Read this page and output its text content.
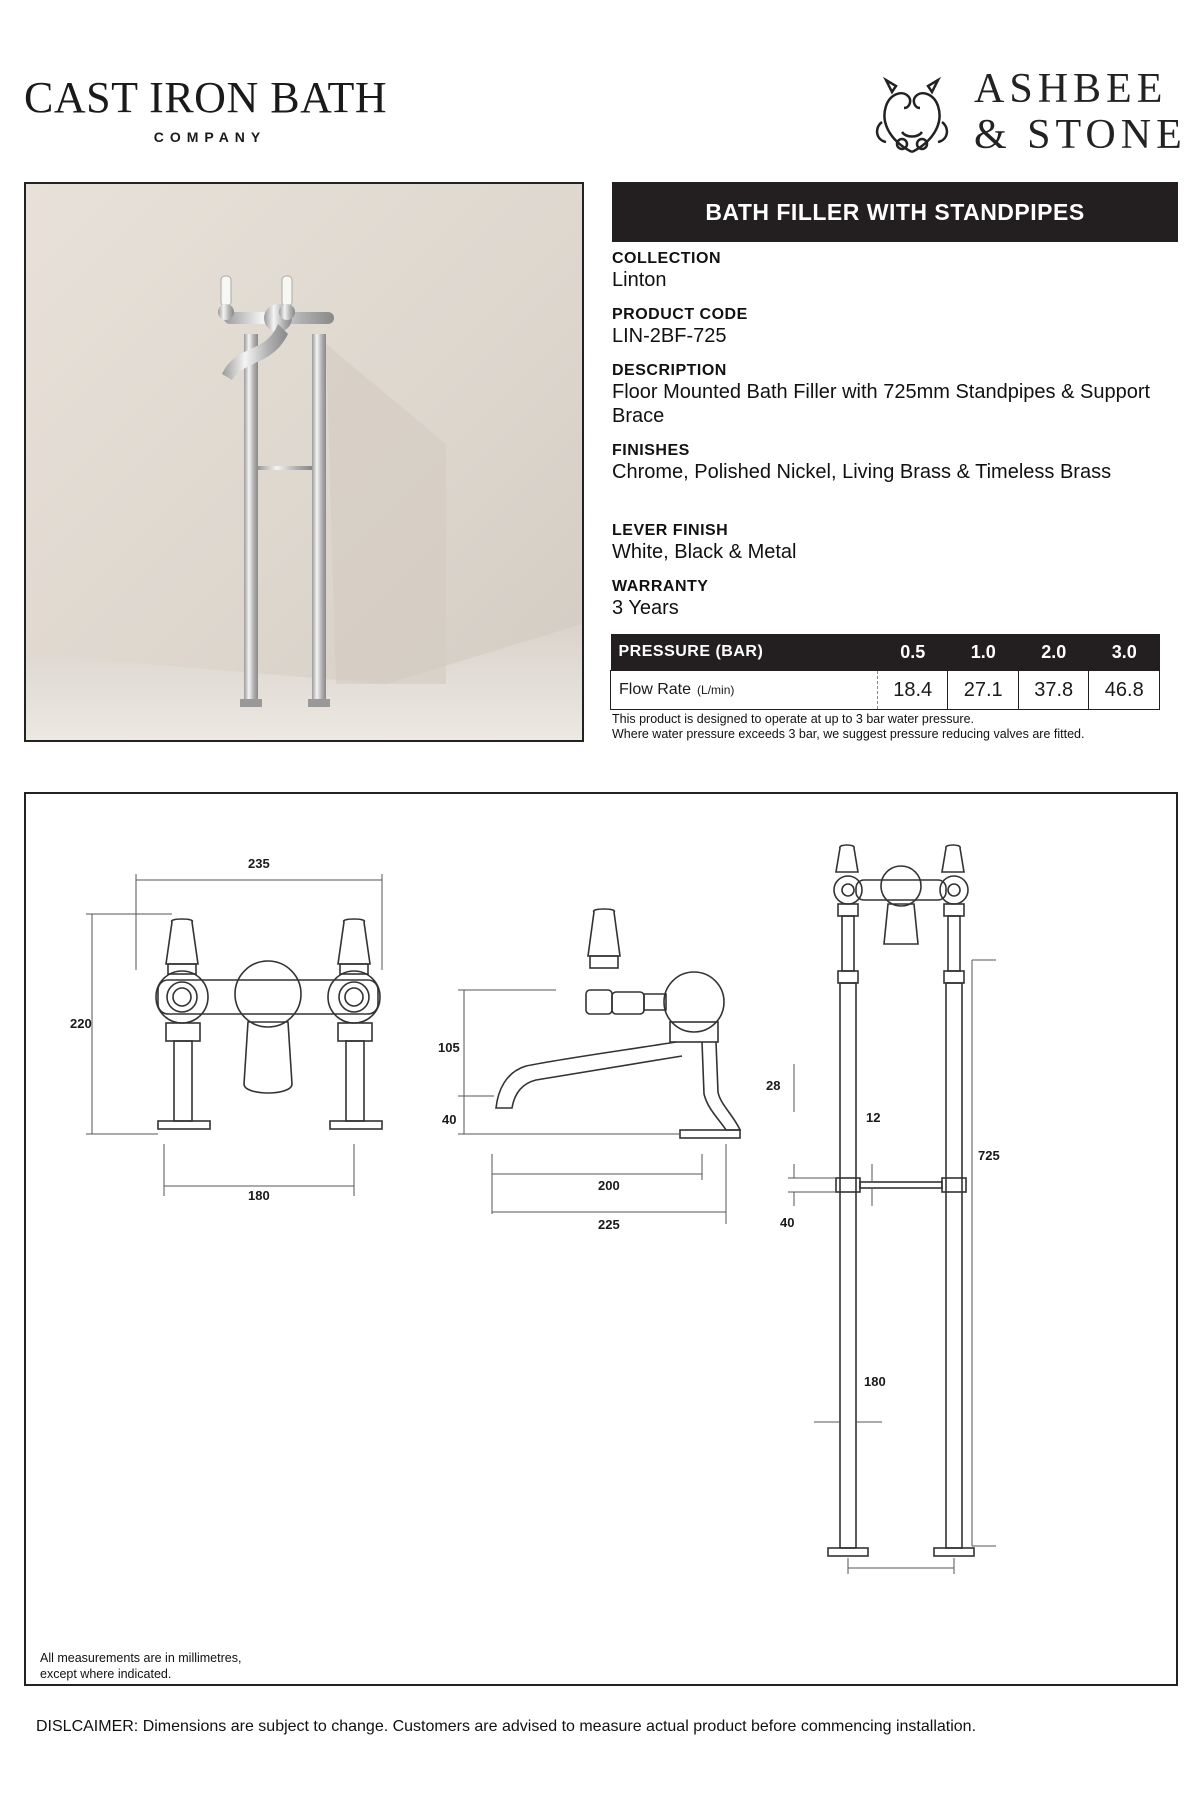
CAST IRON BATH
COMPANY
ASHBEE
& STONE
BATH FILLER WITH STANDPIPES
COLLECTION
Linton
PRODUCT CODE
LIN-2BF-725
DESCRIPTION
Floor Mounted Bath Filler with 725mm Standpipes & Support Brace
FINISHES
Chrome, Polished Nickel, Living Brass & Timeless Brass
LEVER FINISH
White, Black & Metal
WARRANTY
3 Years
PRESSURE (BAR)	0.5	1.0	2.0	3.0
Flow Rate (L/min)	18.4	27.1	37.8	46.8
This product is designed to operate at up to 3 bar water pressure.
Where water pressure exceeds 3 bar, we suggest pressure reducing valves are fitted.
235
220
180
105
40
200
225
28
12
725
40
180
All measurements are in millimetres,
except where indicated.
DISLCAIMER: Dimensions are subject to change. Customers are advised to measure actual product before commencing installation.
